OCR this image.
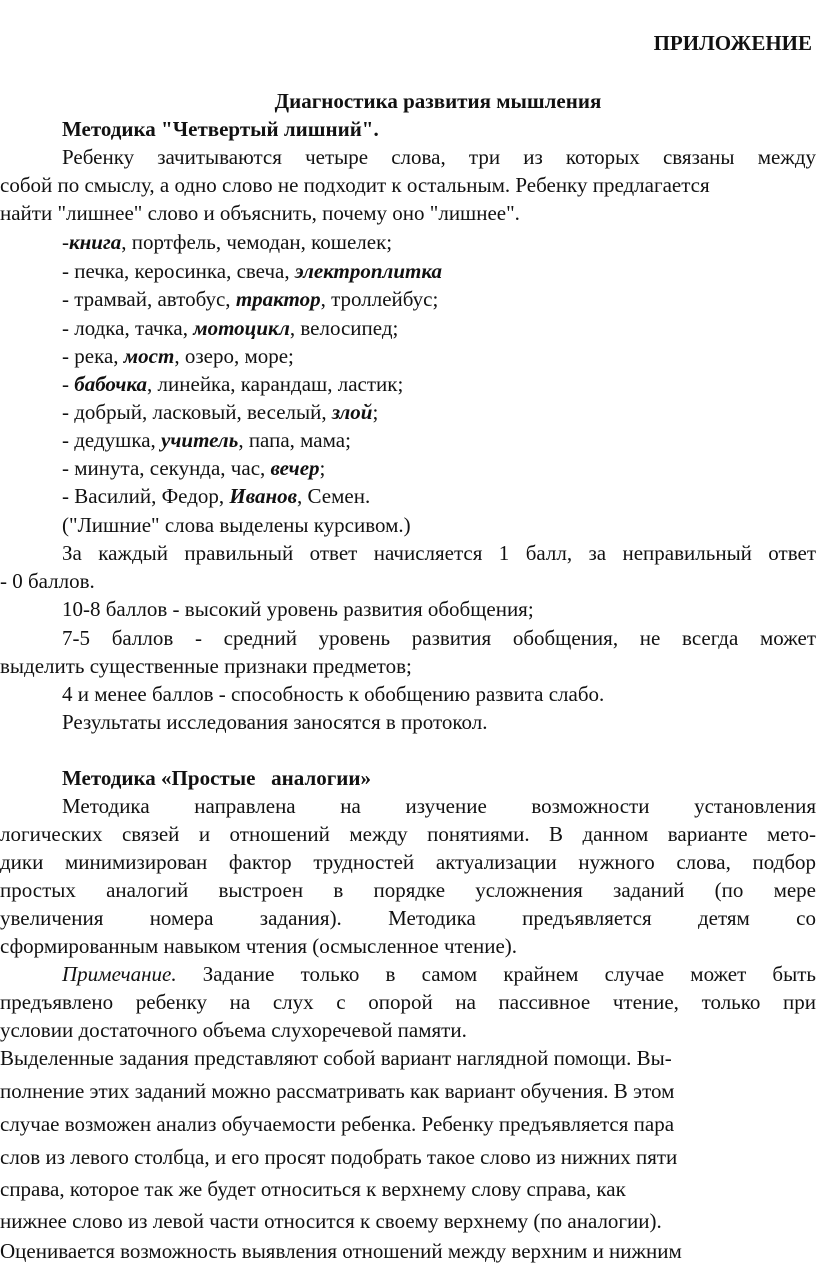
ПРИЛОЖЕНИЕ
Диагностика развития мышления
Методика "Четвертый лишний".
Ребенку зачитываются четыре слова, три из которых связаны между
собой по смыслу, а одно слово не подходит к остальным. Ребенку предлагается
найти "лишнее" слово и объяснить, почему оно "лишнее".
-книга, портфель, чемодан, кошелек;
- печка, керосинка, свеча, электроплитка
- трамвай, автобус, трактор, троллейбус;
- лодка, тачка, мотоцикл, велосипед;
- река, мост, озеро, море;
- бабочка, линейка, карандаш, ластик;
- добрый, ласковый, веселый, злой;
- дедушка, учитель, папа, мама;
- минута, секунда, час, вечер;
- Василий, Федор, Иванов, Семен.
("Лишние" слова выделены курсивом.)
За каждый правильный ответ начисляется 1 балл, за неправильный ответ
- 0 баллов.
10-8 баллов - высокий уровень развития обобщения;
7-5 баллов - средний уровень развития обобщения, не всегда может
выделить существенные признаки предметов;
4 и менее баллов - способность к обобщению развита слабо.
Результаты исследования заносятся в протокол.
Методика «Простые   аналогии»
Методика направлена на изучение возможности установления
логических связей и отношений между понятиями. В данном варианте мето-
дики минимизирован фактор трудностей актуализации нужного слова, подбор
простых аналогий выстроен в порядке усложнения заданий (по мере
увеличения номера задания). Методика предъявляется детям со
сформированным навыком чтения (осмысленное чтение).
Примечание. Задание только в самом крайнем случае может быть
предъявлено ребенку на слух с опорой на пассивное чтение, только при
условии достаточного объема слухоречевой памяти.
Выделенные задания представляют собой вариант наглядной помощи. Вы-
полнение этих заданий можно рассматривать как вариант обучения. В этом
случае возможен анализ обучаемости ребенка. Ребенку предъявляется пара
слов из левого столбца, и его просят подобрать такое слово из нижних пяти
справа, которое так же будет относиться к верхнему слову справа, как
нижнее слово из левой части относится к своему верхнему (по аналогии).
Оценивается возможность выявления отношений между верхним и нижним
